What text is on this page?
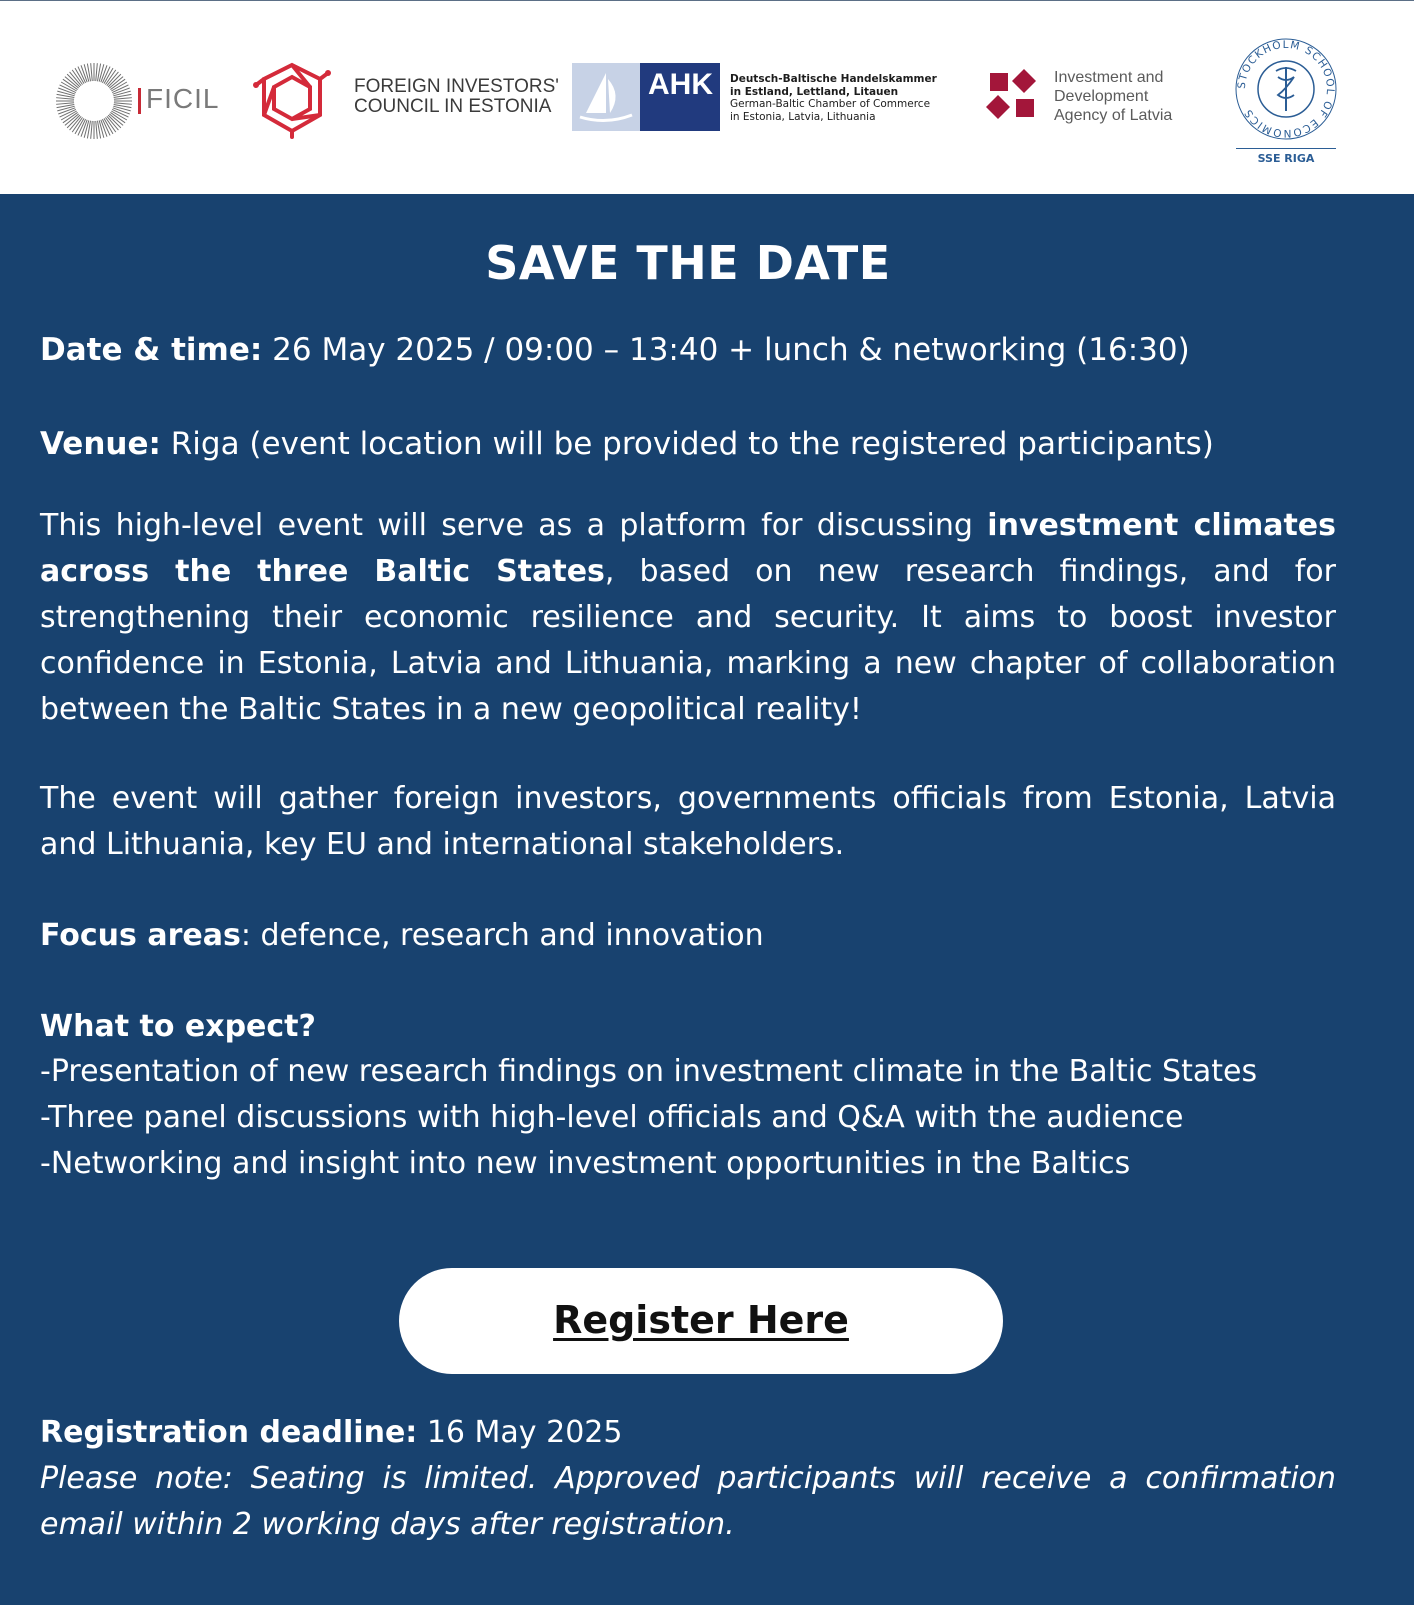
FICIL	FOREIGN INVESTORS'
COUNCIL IN ESTONIA
AHK	Deutsch-Baltische Handelskammer
in Estland, Lettland, Litauen
German-Baltic Chamber of Commerce
in Estonia, Latvia, Lithuania
Investment and
Development
Agency of Latvia
STOCKHOLM SCHOOL OF ECONOMICS
SSE RIGA
SAVE THE DATE
Date & time: 26 May 2025 / 09:00 – 13:40 + lunch & networking (16:30)
Venue: Riga (event location will be provided to the registered participants)
This high-level event will serve as a platform for discussing investment climates across the three Baltic States, based on new research findings, and for strengthening their economic resilience and security. It aims to boost investor confidence in Estonia, Latvia and Lithuania, marking a new chapter of collaboration between the Baltic States in a new geopolitical reality!
The event will gather foreign investors, governments officials from Estonia, Latvia and Lithuania, key EU and international stakeholders.
Focus areas: defence, research and innovation
What to expect?
-Presentation of new research findings on investment climate in the Baltic States
-Three panel discussions with high-level officials and Q&A with the audience
-Networking and insight into new investment opportunities in the Baltics
Registration deadline: 16 May 2025
Please note: Seating is limited. Approved participants will receive a confirmation email within 2 working days after registration.
Register Here
